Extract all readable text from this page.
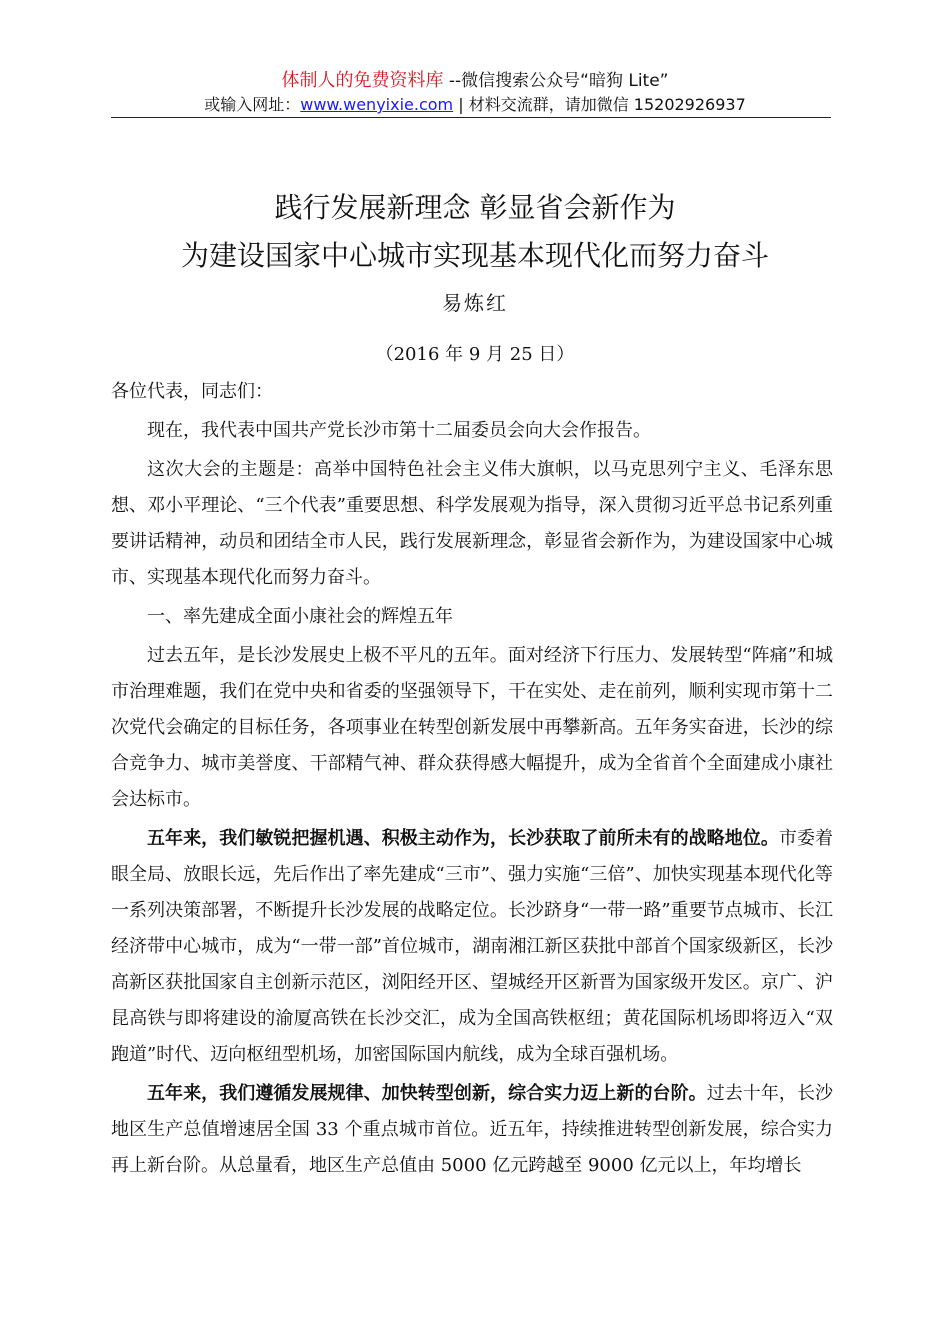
体制人的免费资料库 --微信搜索公众号“暗狗 Lite”
或输入网址：www.wenyixie.com | 材料交流群，请加微信 15202926937
践行发展新理念 彰显省会新作为
为建设国家中心城市实现基本现代化而努力奋斗
易炼红
（2016 年 9 月 25 日）

各位代表，同志们：

现在，我代表中国共产党长沙市第十二届委员会向大会作报告。

这次大会的主题是：高举中国特色社会主义伟大旗帜，以马克思列宁主义、毛泽东思想、邓小平理论、“三个代表”重要思想、科学发展观为指导，深入贯彻习近平总书记系列重要讲话精神，动员和团结全市人民，践行发展新理念，彰显省会新作为，为建设国家中心城市、实现基本现代化而努力奋斗。

一、率先建成全面小康社会的辉煌五年

过去五年，是长沙发展史上极不平凡的五年。面对经济下行压力、发展转型“阵痛”和城市治理难题，我们在党中央和省委的坚强领导下，干在实处、走在前列，顺利实现市第十二次党代会确定的目标任务，各项事业在转型创新发展中再攀新高。五年务实奋进，长沙的综合竞争力、城市美誉度、干部精气神、群众获得感大幅提升，成为全省首个全面建成小康社会达标市。

五年来，我们敏锐把握机遇、积极主动作为，长沙获取了前所未有的战略地位。市委着眼全局、放眼长远，先后作出了率先建成“三市”、强力实施“三倍”、加快实现基本现代化等一系列决策部署，不断提升长沙发展的战略定位。长沙跻身“一带一路”重要节点城市、长江经济带中心城市，成为“一带一部”首位城市，湖南湘江新区获批中部首个国家级新区，长沙高新区获批国家自主创新示范区，浏阳经开区、望城经开区新晋为国家级开发区。京广、沪昆高铁与即将建设的渝厦高铁在长沙交汇，成为全国高铁枢纽；黄花国际机场即将迈入“双跑道”时代、迈向枢纽型机场，加密国际国内航线，成为全球百强机场。

五年来，我们遵循发展规律、加快转型创新，综合实力迈上新的台阶。过去十年，长沙地区生产总值增速居全国 33 个重点城市首位。近五年，持续推进转型创新发展，综合实力再上新台阶。从总量看，地区生产总值由 5000 亿元跨越至 9000 亿元以上，年均增长
